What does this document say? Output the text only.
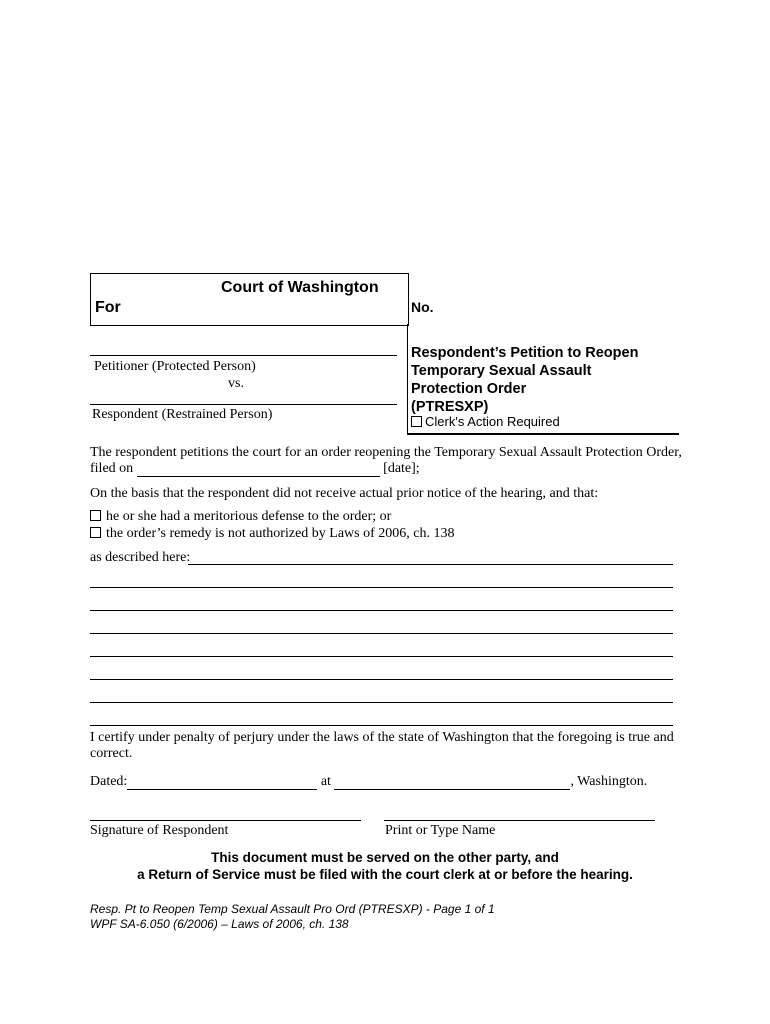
Court of Washington
For	No.
Petitioner (Protected Person)
vs.
Respondent (Restrained Person)
Respondent’s Petition to Reopen
Temporary Sexual Assault
Protection Order
(PTRESXP)
Clerk's Action Required
The respondent petitions the court for an order reopening the Temporary Sexual Assault Protection Order,
filed on	[date];
On the basis that the respondent did not receive actual prior notice of the hearing, and that:
he or she had a meritorious defense to the order; or
the order’s remedy is not authorized by Laws of 2006, ch. 138
as described here:
I certify under penalty of perjury under the laws of the state of Washington that the foregoing is true and correct.
Dated:	at	, Washington.
Signature of Respondent	Print or Type Name
This document must be served on the other party, and
a Return of Service must be filed with the court clerk at or before the hearing.
Resp. Pt to Reopen Temp Sexual Assault Pro Ord (PTRESXP) - Page 1 of 1
WPF SA-6.050 (6/2006) – Laws of 2006, ch. 138
